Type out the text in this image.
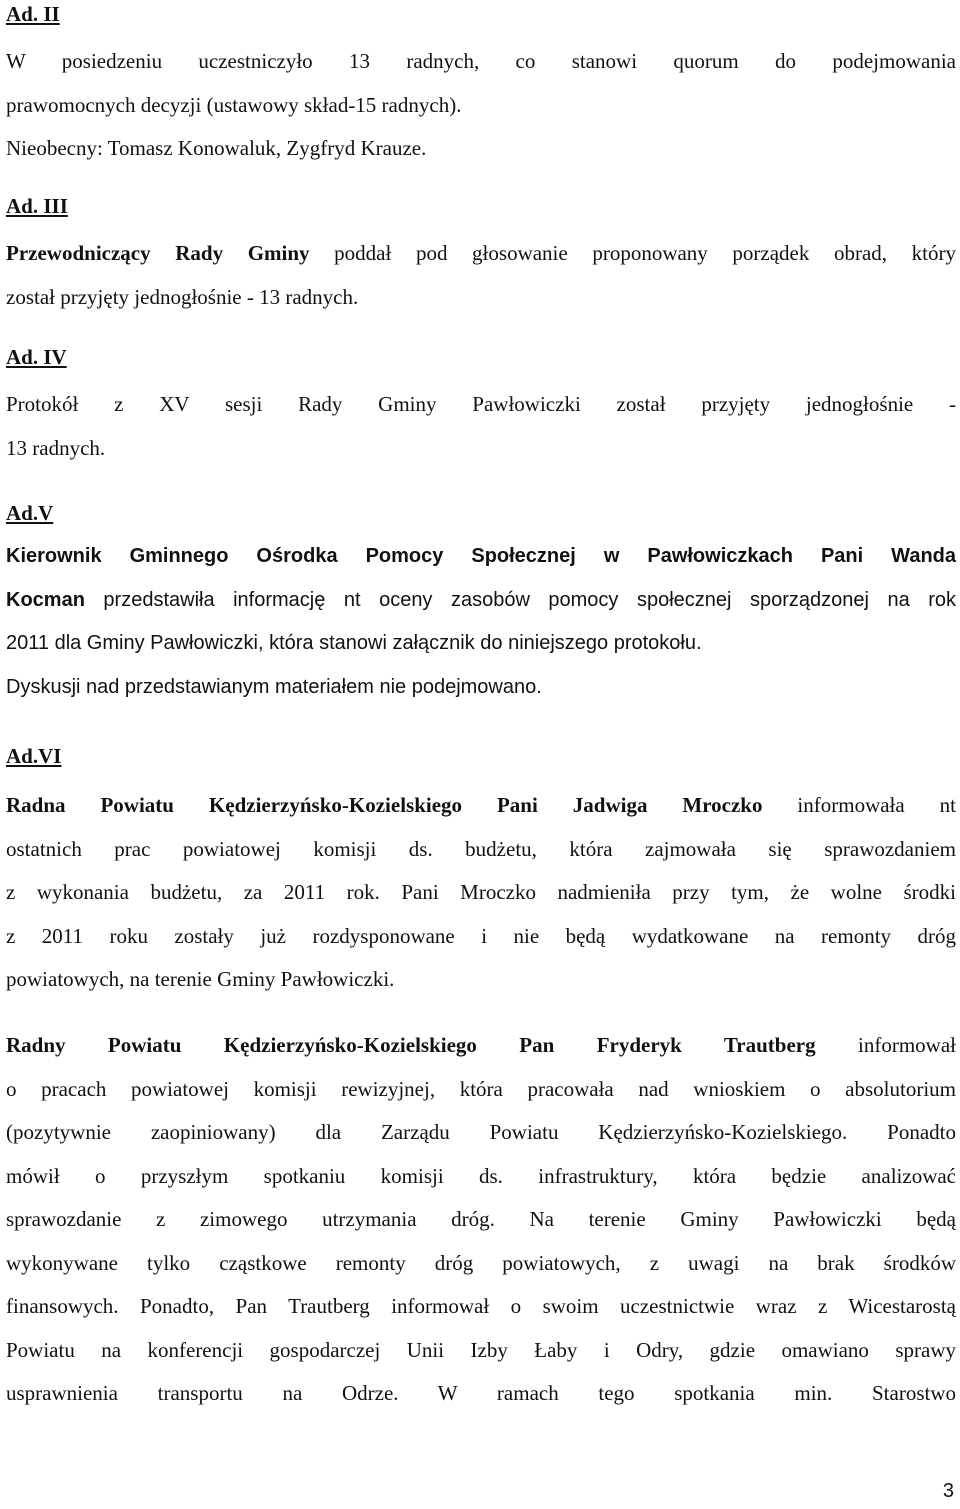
Ad. II

W posiedzeniu uczestniczyło 13 radnych, co stanowi quorum do podejmowania

prawomocnych decyzji (ustawowy skład-15 radnych).

Nieobecny: Tomasz Konowaluk, Zygfryd Krauze.

Ad. III

Przewodniczący Rady Gminy poddał pod głosowanie proponowany porządek obrad, który

został przyjęty jednogłośnie - 13 radnych.

Ad. IV

Protokół z XV sesji Rady Gminy Pawłowiczki został przyjęty jednogłośnie -

13 radnych.

Ad.V

Kierownik Gminnego Ośrodka Pomocy Społecznej w Pawłowiczkach Pani Wanda

Kocman przedstawiła informację nt oceny zasobów pomocy społecznej sporządzonej na rok

2011 dla Gminy Pawłowiczki, która stanowi załącznik do niniejszego protokołu.

Dyskusji nad przedstawianym materiałem nie podejmowano.

Ad.VI

Radna Powiatu Kędzierzyńsko-Kozielskiego Pani Jadwiga Mroczko informowała nt

ostatnich prac powiatowej komisji ds. budżetu, która zajmowała się sprawozdaniem

z wykonania budżetu, za 2011 rok. Pani Mroczko nadmieniła przy tym, że wolne środki

z 2011 roku zostały już rozdysponowane i nie będą wydatkowane na remonty dróg

powiatowych, na terenie Gminy Pawłowiczki.

Radny Powiatu Kędzierzyńsko-Kozielskiego Pan Fryderyk Trautberg informował

o pracach powiatowej komisji rewizyjnej, która pracowała nad wnioskiem o absolutorium

(pozytywnie zaopiniowany) dla Zarządu Powiatu Kędzierzyńsko-Kozielskiego. Ponadto

mówił o przyszłym spotkaniu komisji ds. infrastruktury, która będzie analizować

sprawozdanie z zimowego utrzymania dróg. Na terenie Gminy Pawłowiczki będą

wykonywane tylko cząstkowe remonty dróg powiatowych, z uwagi na brak środków

finansowych. Ponadto, Pan Trautberg informował o swoim uczestnictwie wraz z Wicestarostą

Powiatu na konferencji gospodarczej Unii Izby Łaby i Odry, gdzie omawiano sprawy

usprawnienia transportu na Odrze. W ramach tego spotkania min. Starostwo

3
